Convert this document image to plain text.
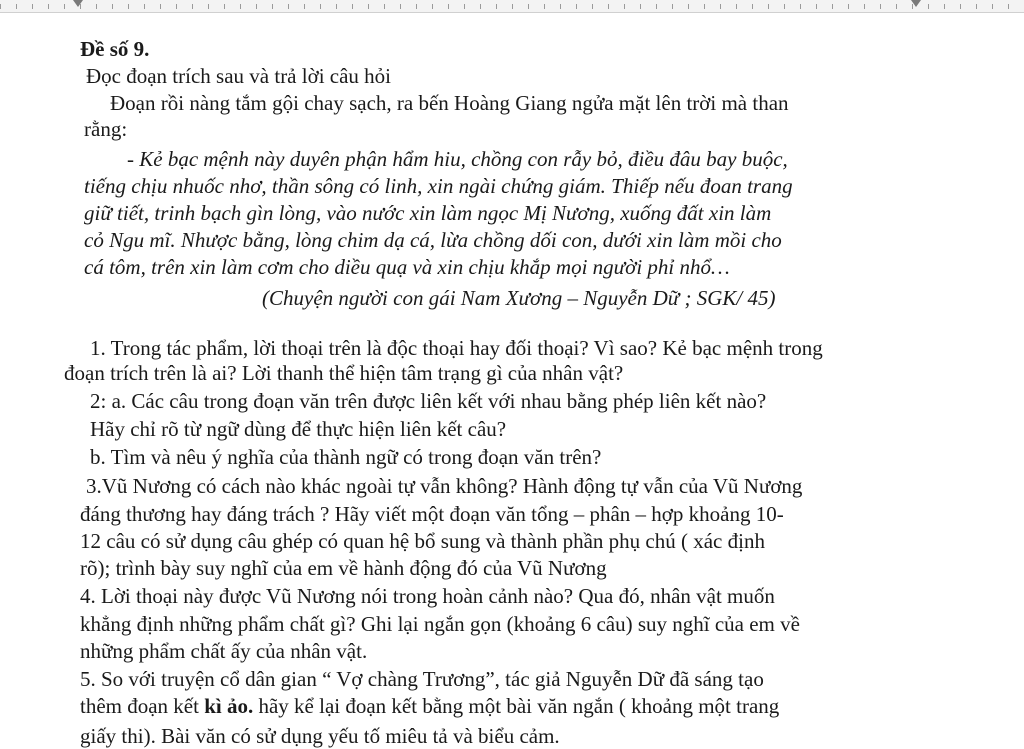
Đề số 9.
Đọc đoạn trích sau và trả lời câu hỏi
Đoạn rồi nàng tắm gội chay sạch, ra bến Hoàng Giang ngửa mặt lên trời mà than
rằng:
- Kẻ bạc mệnh này duyên phận hẩm hiu, chồng con rẫy bỏ, điều đâu bay buộc,
tiếng chịu nhuốc nhơ, thần sông có linh, xin ngài chứng giám. Thiếp nếu đoan trang
giữ tiết, trinh bạch gìn lòng, vào nước xin làm ngọc Mị Nương, xuống đất xin làm
cỏ Ngu mĩ. Nhược bằng, lòng chim dạ cá, lừa chồng dối con, dưới xin làm mồi cho
cá tôm, trên xin làm cơm cho diều quạ và xin chịu khắp mọi người phỉ nhổ…
(Chuyện người con gái Nam Xương – Nguyễn Dữ ; SGK/ 45)
1. Trong tác phẩm, lời thoại trên là độc thoại hay đối thoại? Vì sao? Kẻ bạc mệnh trong
đoạn trích trên là ai? Lời thanh thể hiện tâm trạng gì của nhân vật?
2: a. Các câu trong đoạn văn trên được liên kết với nhau bằng phép liên kết nào?
Hãy chỉ rõ từ ngữ dùng để thực hiện liên kết câu?
b. Tìm và nêu ý nghĩa của thành ngữ có trong đoạn văn trên?
3.Vũ Nương có cách nào khác ngoài tự vẫn không? Hành động tự vẫn của Vũ Nương
đáng thương hay đáng trách ? Hãy viết một đoạn văn tổng – phân – hợp khoảng 10-
12 câu có sử dụng câu ghép có quan hệ bổ sung và thành phần phụ chú ( xác định
rõ); trình bày suy nghĩ của em về hành động đó của Vũ Nương
4. Lời thoại này được Vũ Nương nói trong hoàn cảnh nào? Qua đó, nhân vật muốn
khẳng định những phẩm chất gì? Ghi lại ngắn gọn (khoảng 6 câu) suy nghĩ của em về
những phẩm chất ấy của nhân vật.
5. So với truyện cổ dân gian “ Vợ chàng Trương”, tác giả Nguyễn Dữ đã sáng tạo
thêm đoạn kết kì ảo. hãy kể lại đoạn kết bằng một bài văn ngắn ( khoảng một trang
giấy thi). Bài văn có sử dụng yếu tố miêu tả và biểu cảm.
